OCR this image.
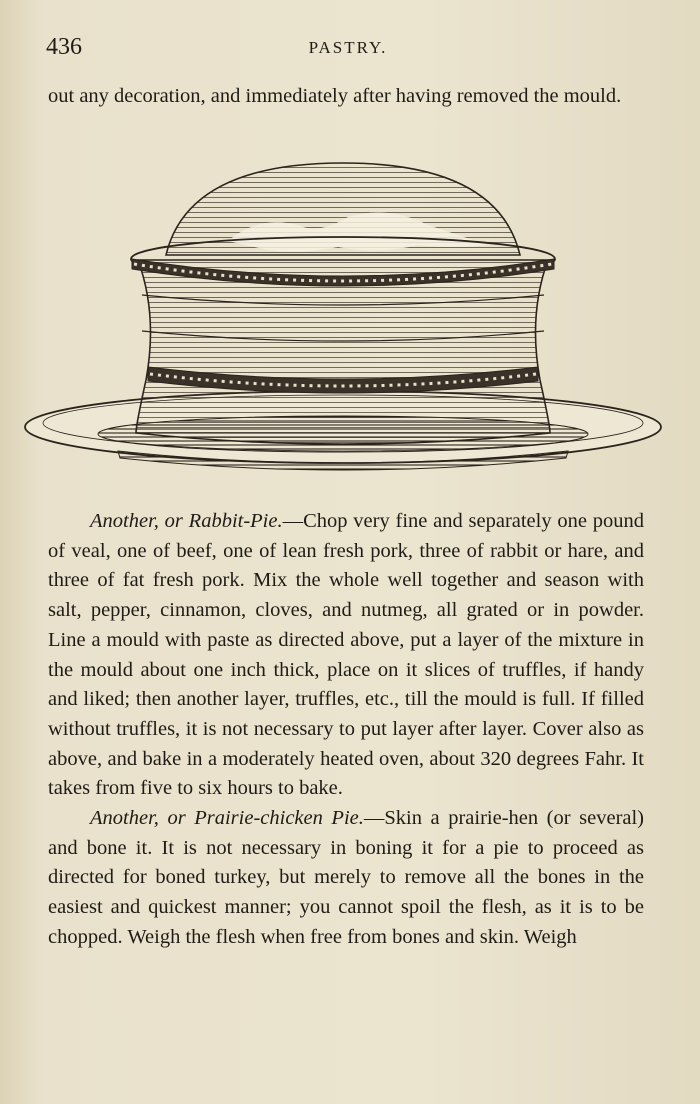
436	PASTRY.
out any decoration, and immediately after having removed the mould.

Another, or Rabbit-Pie.—Chop very fine and separately one pound of veal, one of beef, one of lean fresh pork, three of rabbit or hare, and three of fat fresh pork. Mix the whole well together and season with salt, pepper, cinnamon, cloves, and nutmeg, all grated or in powder. Line a mould with paste as directed above, put a layer of the mixture in the mould about one inch thick, place on it slices of truffles, if handy and liked; then another layer, truffles, etc., till the mould is full. If filled without truffles, it is not necessary to put layer after layer. Cover also as above, and bake in a moderately heated oven, about 320 degrees Fahr. It takes from five to six hours to bake.

Another, or Prairie-chicken Pie.—Skin a prairie-hen (or several) and bone it. It is not necessary in boning it for a pie to proceed as directed for boned turkey, but merely to remove all the bones in the easiest and quickest manner; you cannot spoil the flesh, as it is to be chopped. Weigh the flesh when free from bones and skin. Weigh
